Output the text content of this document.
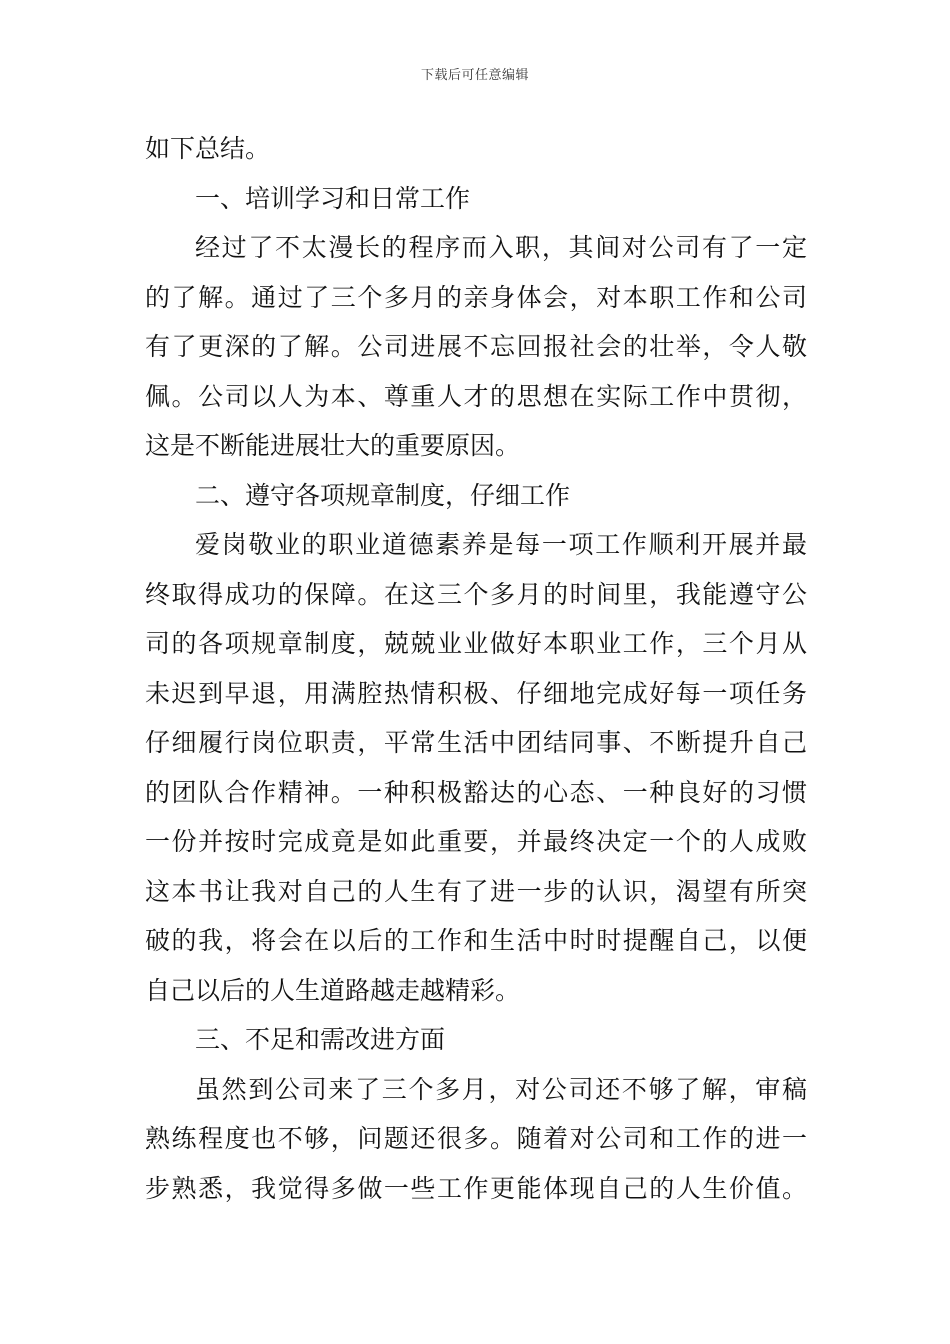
下载后可任意编辑
如下总结。
一、培训学习和日常工作
经过了不太漫长的程序而入职，其间对公司有了一定
的了解。通过了三个多月的亲身体会，对本职工作和公司
有了更深的了解。公司进展不忘回报社会的壮举，令人敬
佩。公司以人为本、尊重人才的思想在实际工作中贯彻，
这是不断能进展壮大的重要原因。
二、遵守各项规章制度，仔细工作
爱岗敬业的职业道德素养是每一项工作顺利开展并最
终取得成功的保障。在这三个多月的时间里，我能遵守公
司的各项规章制度，兢兢业业做好本职业工作，三个月从
未迟到早退，用满腔热情积极、仔细地完成好每一项任务
仔细履行岗位职责，平常生活中团结同事、不断提升自己
的团队合作精神。一种积极豁达的心态、一种良好的习惯
一份并按时完成竟是如此重要，并最终决定一个的人成败
这本书让我对自己的人生有了进一步的认识，渴望有所突
破的我，将会在以后的工作和生活中时时提醒自己，以便
自己以后的人生道路越走越精彩。
三、不足和需改进方面
虽然到公司来了三个多月，对公司还不够了解，审稿
熟练程度也不够，问题还很多。随着对公司和工作的进一
步熟悉，我觉得多做一些工作更能体现自己的人生价值。
